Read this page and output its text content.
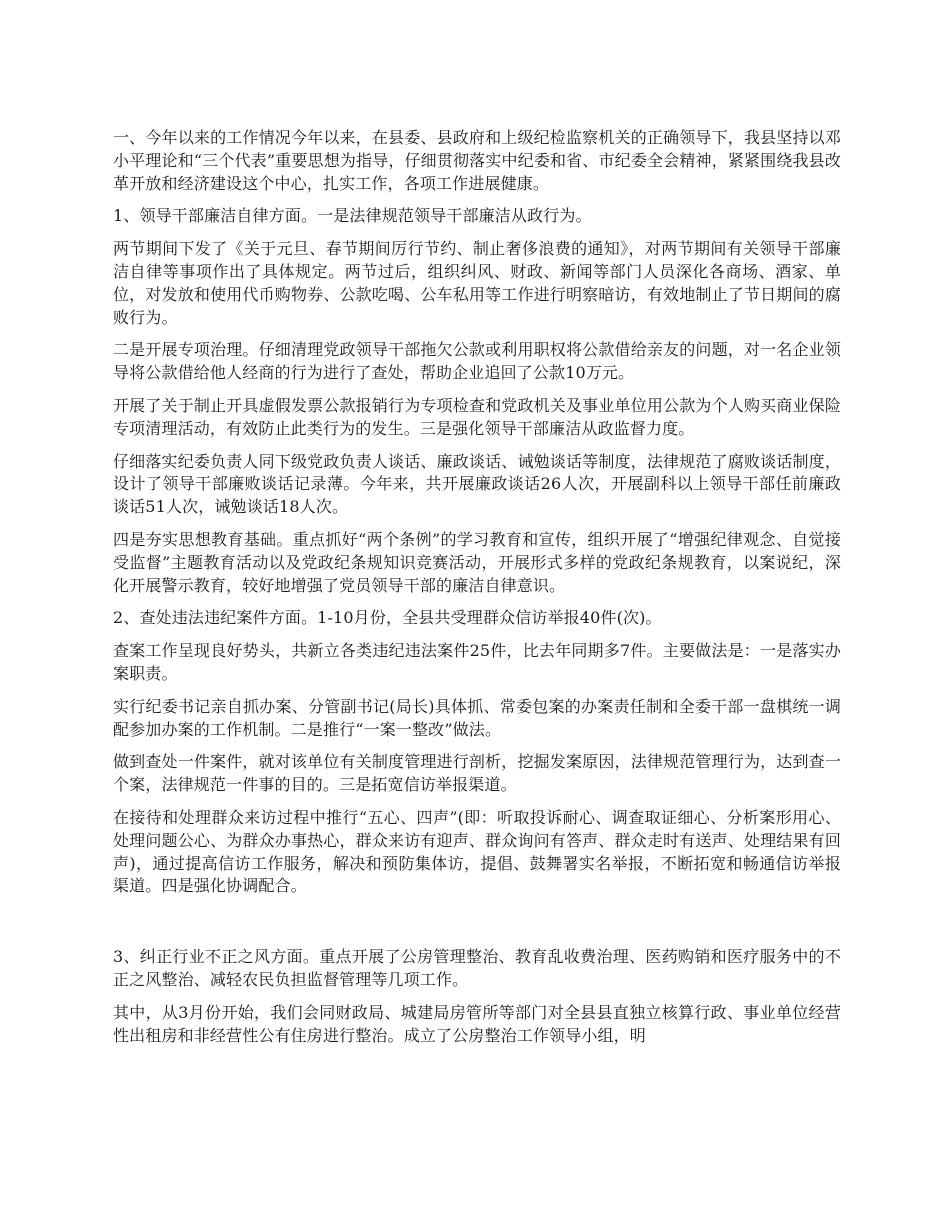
一、今年以来的工作情况今年以来，在县委、县政府和上级纪检监察机关的正确领导下，我县坚持以邓小平理论和“三个代表”重要思想为指导，仔细贯彻落实中纪委和省、市纪委全会精神，紧紧围绕我县改革开放和经济建设这个中心，扎实工作，各项工作进展健康。

1、领导干部廉洁自律方面。一是法律规范领导干部廉洁从政行为。

两节期间下发了《关于元旦、春节期间厉行节约、制止奢侈浪费的通知》，对两节期间有关领导干部廉洁自律等事项作出了具体规定。两节过后，组织纠风、财政、新闻等部门人员深化各商场、酒家、单位，对发放和使用代币购物券、公款吃喝、公车私用等工作进行明察暗访，有效地制止了节日期间的腐败行为。

二是开展专项治理。仔细清理党政领导干部拖欠公款或利用职权将公款借给亲友的问题，对一名企业领导将公款借给他人经商的行为进行了查处，帮助企业追回了公款10万元。

开展了关于制止开具虚假发票公款报销行为专项检查和党政机关及事业单位用公款为个人购买商业保险专项清理活动，有效防止此类行为的发生。三是强化领导干部廉洁从政监督力度。

仔细落实纪委负责人同下级党政负责人谈话、廉政谈话、诫勉谈话等制度，法律规范了腐败谈话制度，设计了领导干部廉败谈话记录薄。今年来，共开展廉政谈话26人次，开展副科以上领导干部任前廉政谈话51人次，诫勉谈话18人次。

四是夯实思想教育基础。重点抓好“两个条例”的学习教育和宣传，组织开展了“增强纪律观念、自觉接受监督”主题教育活动以及党政纪条规知识竞赛活动，开展形式多样的党政纪条规教育，以案说纪，深化开展警示教育，较好地增强了党员领导干部的廉洁自律意识。

2、查处违法违纪案件方面。1-10月份，全县共受理群众信访举报40件(次)。

查案工作呈现良好势头，共新立各类违纪违法案件25件，比去年同期多7件。主要做法是：一是落实办案职责。

实行纪委书记亲自抓办案、分管副书记(局长)具体抓、常委包案的办案责任制和全委干部一盘棋统一调配参加办案的工作机制。二是推行“一案一整改”做法。

做到查处一件案件，就对该单位有关制度管理进行剖析，挖掘发案原因，法律规范管理行为，达到查一个案，法律规范一件事的目的。三是拓宽信访举报渠道。

在接待和处理群众来访过程中推行“五心、四声”(即：听取投诉耐心、调查取证细心、分析案形用心、处理问题公心、为群众办事热心，群众来访有迎声、群众询问有答声、群众走时有送声、处理结果有回声)，通过提高信访工作服务，解决和预防集体访，提倡、鼓舞署实名举报，不断拓宽和畅通信访举报渠道。四是强化协调配合。

3、纠正行业不正之风方面。重点开展了公房管理整治、教育乱收费治理、医药购销和医疗服务中的不正之风整治、减轻农民负担监督管理等几项工作。

其中，从3月份开始，我们会同财政局、城建局房管所等部门对全县县直独立核算行政、事业单位经营性出租房和非经营性公有住房进行整治。成立了公房整治工作领导小组，明
